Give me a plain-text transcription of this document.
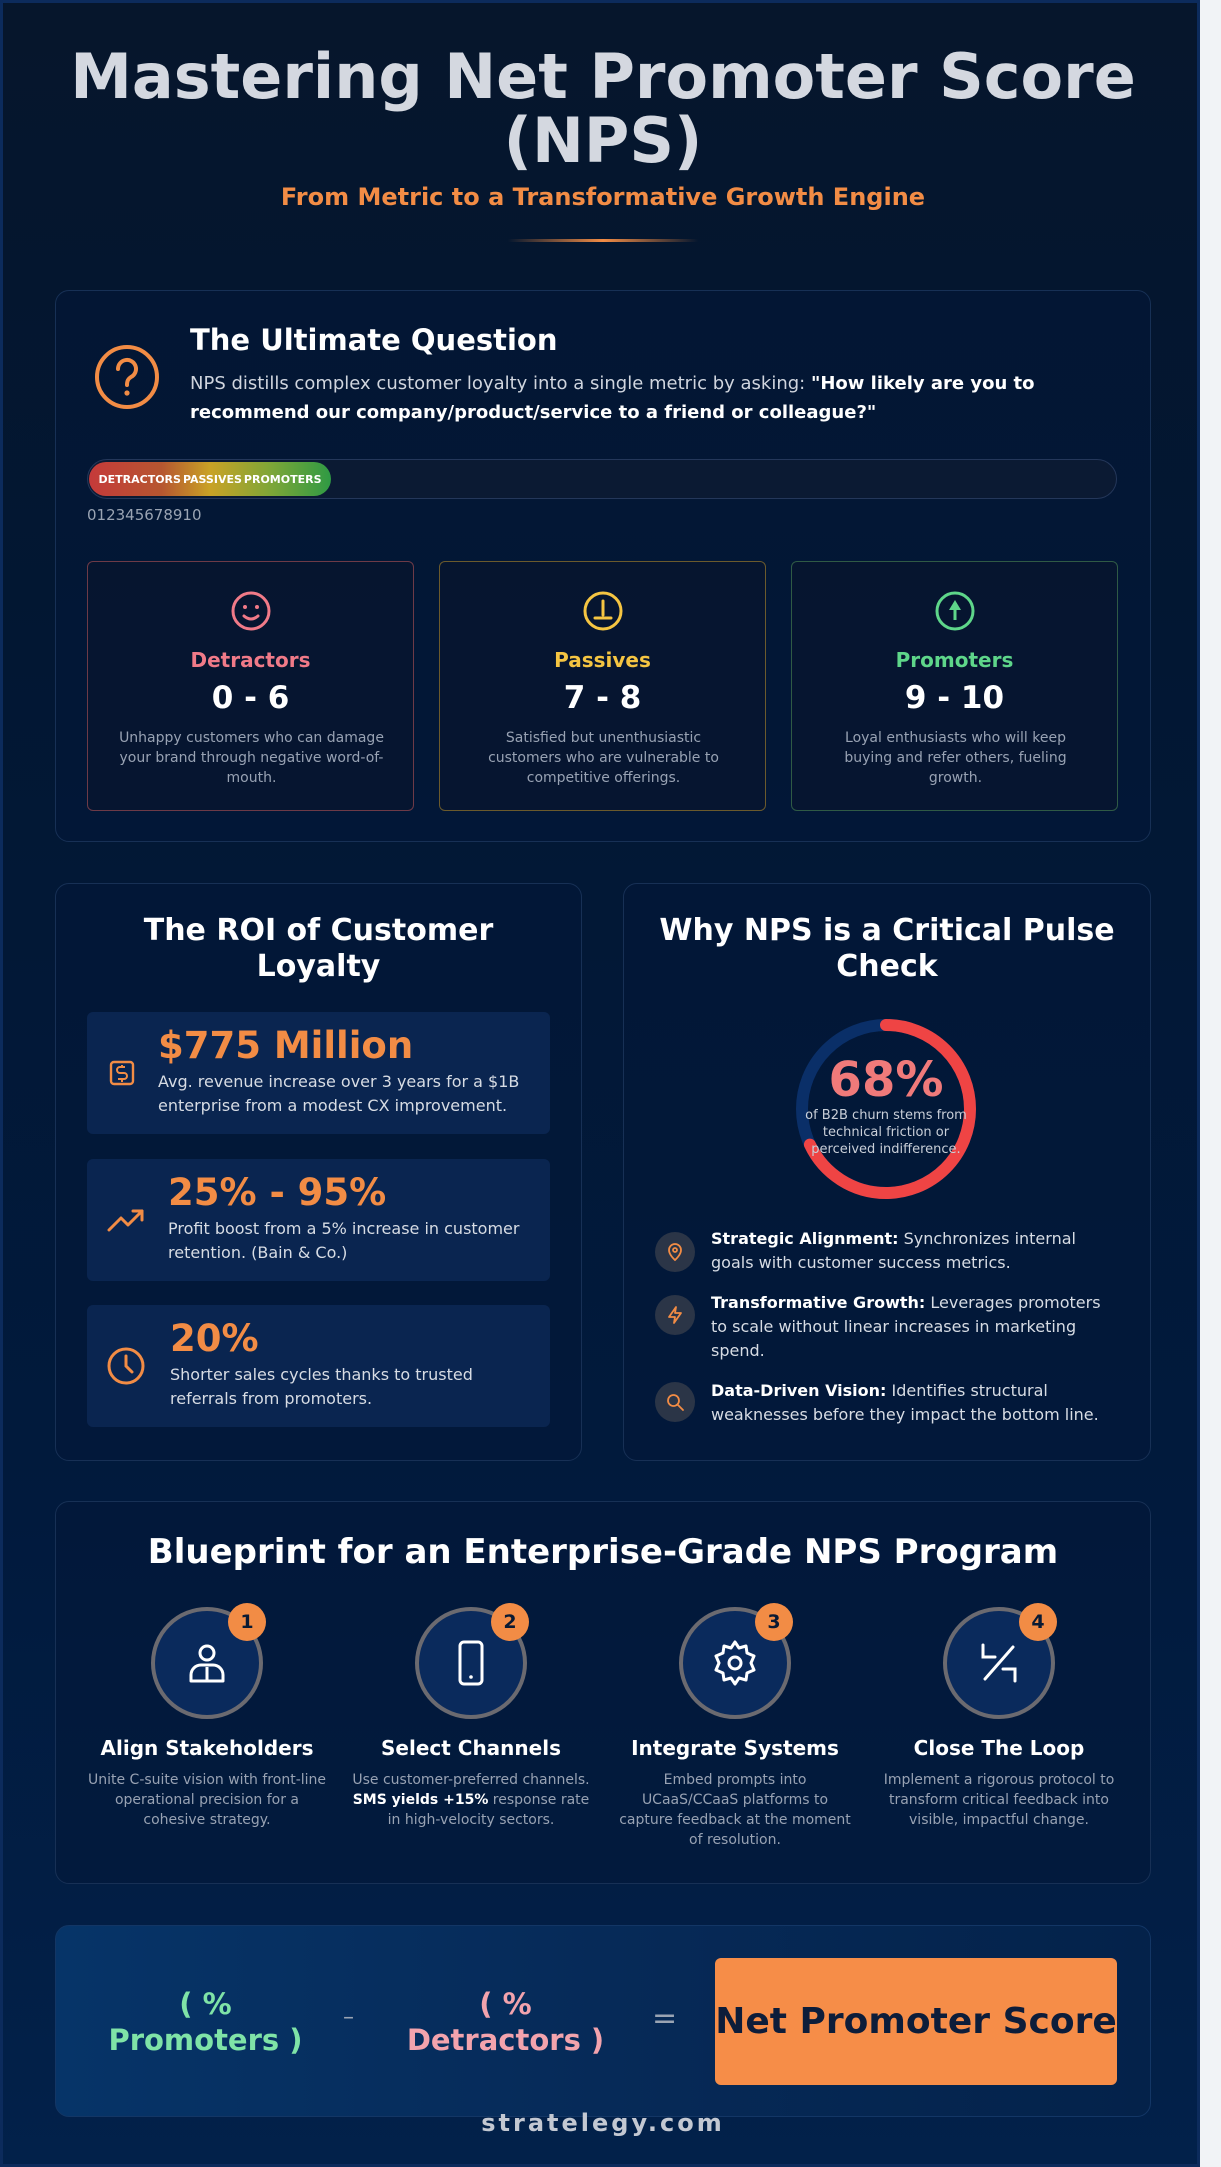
Mastering Net Promoter Score (NPS)
From Metric to a Transformative Growth Engine
The Ultimate Question
NPS distills complex customer loyalty into a single metric by asking: "How likely are you to recommend our company/product/service to a friend or colleague?"
DETRACTORS PASSIVES PROMOTERS
012345678910
Detractors
0 - 6
Unhappy customers who can damage your brand through negative word-of-mouth.
Passives
7 - 8
Satisfied but unenthusiastic customers who are vulnerable to competitive offerings.
Promoters
9 - 10
Loyal enthusiasts who will keep buying and refer others, fueling growth.
The ROI of Customer Loyalty
$775 Million
Avg. revenue increase over 3 years for a $1B enterprise from a modest CX improvement.
25% - 95%
Profit boost from a 5% increase in customer retention. (Bain & Co.)
20%
Shorter sales cycles thanks to trusted referrals from promoters.
Why NPS is a Critical Pulse Check
68%
of B2B churn stems from technical friction or perceived indifference.
Strategic Alignment: Synchronizes internal goals with customer success metrics.
Transformative Growth: Leverages promoters to scale without linear increases in marketing spend.
Data-Driven Vision: Identifies structural weaknesses before they impact the bottom line.
Blueprint for an Enterprise-Grade NPS Program
1
Align Stakeholders
Unite C-suite vision with front-line operational precision for a cohesive strategy.
2
Select Channels
Use customer-preferred channels. SMS yields +15% response rate in high-velocity sectors.
3
Integrate Systems
Embed prompts into UCaaS/CCaaS platforms to capture feedback at the moment of resolution.
4
Close The Loop
Implement a rigorous protocol to transform critical feedback into visible, impactful change.
( % Promoters )
–	( % Detractors )
= Net Promoter Score
stratelegy.com
